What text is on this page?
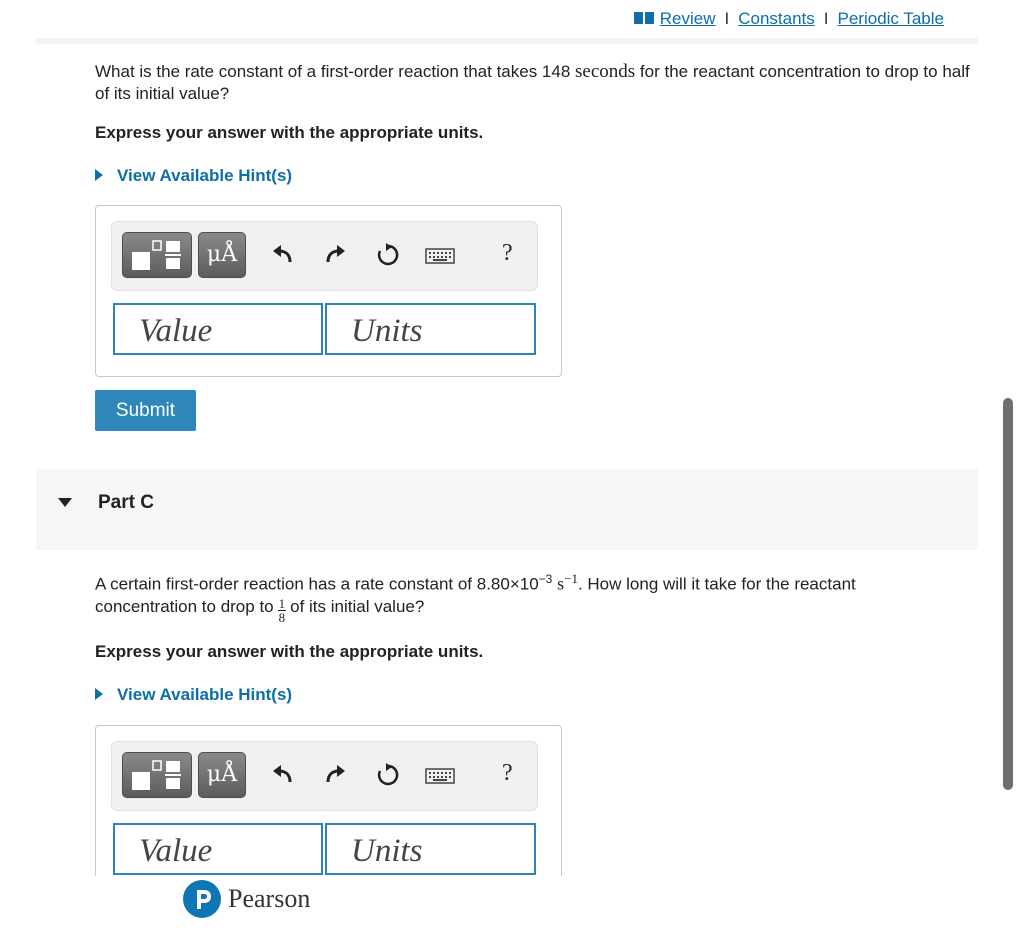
Review I Constants I Periodic Table
What is the rate constant of a first-order reaction that takes 148 seconds for the reactant concentration to drop to half of its initial value?
Express your answer with the appropriate units.
View Available Hint(s)
μÅ	?
Value	Units
Submit
Part C
A certain first-order reaction has a rate constant of $8.80\times 10^{-3}$ $s^{-1}$. How long will it take for the reactant
concentration to drop to $\frac{1}{8}$ of its initial value?
Express your answer with the appropriate units.
View Available Hint(s)
μÅ	?
Value	Units
Pearson
